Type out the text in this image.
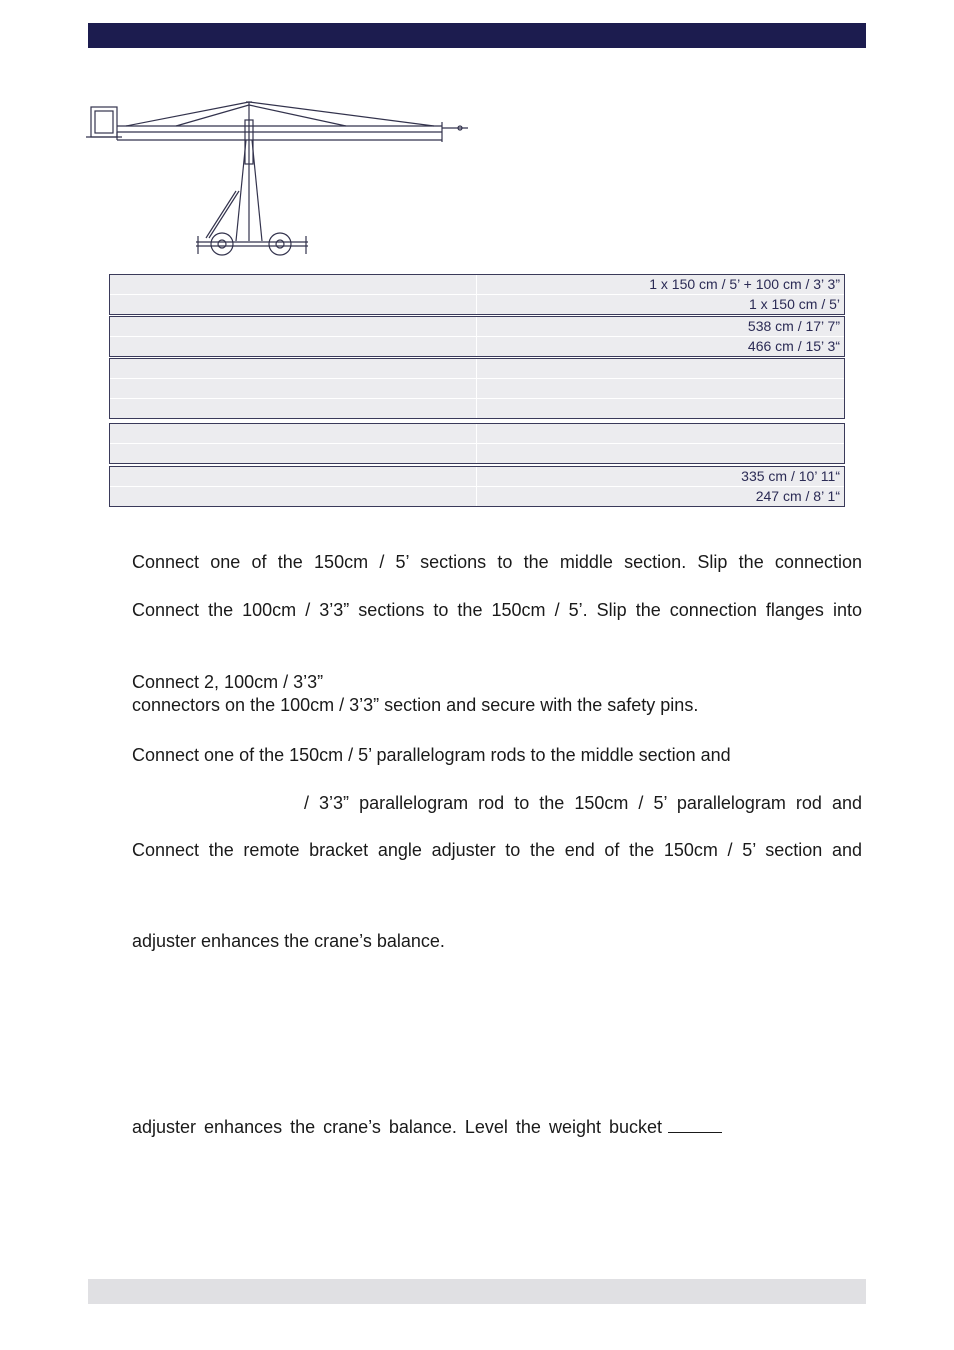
1 x 150 cm / 5’ + 100 cm / 3’ 3”
1 x 150 cm / 5’
538 cm / 17’ 7”
466 cm / 15’ 3“
335 cm / 10’ 11“
247 cm / 8’ 1“

Connect one of the 150cm / 5’ sections to the middle section. Slip the connection

Connect the 100cm / 3’3” sections to the 150cm / 5’. Slip the connection flanges into

Connect 2, 100cm / 3’3”

connectors on the 100cm / 3’3” section and secure with the safety pins.

Connect one of the 150cm / 5’ parallelogram rods to the middle section and

/ 3’3” parallelogram rod to the 150cm / 5’ parallelogram rod and

Connect the remote bracket angle adjuster to the end of the 150cm / 5’ section and

adjuster enhances the crane’s balance.

adjuster enhances the crane’s balance. Level the weight bucket
